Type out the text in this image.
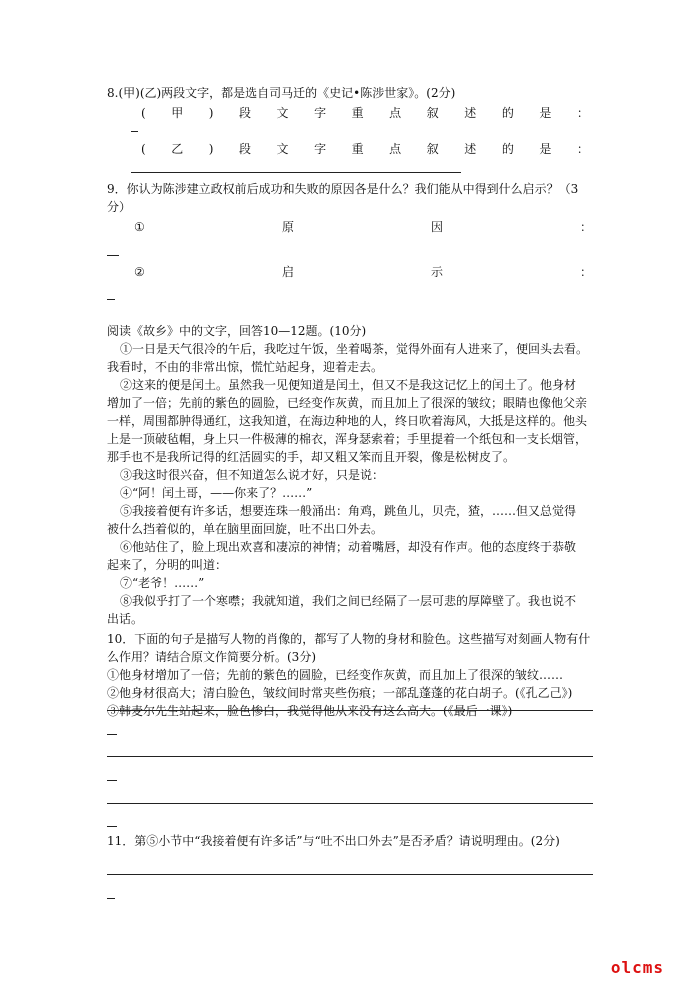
8.(甲)(乙)两段文字，都是选自司马迁的《史记•陈涉世家》。(2分)
( 甲 ) 段 文 字 重 点 叙 述 的 是 ：
( 乙 ) 段 文 字 重 点 叙 述 的 是 ：
9．你认为陈涉建立政权前后成功和失败的原因各是什么？我们能从中得到什么启示？（3
分）
①	原	因	：
②	启	示	：
阅读《故乡》中的文字，回答10—12题。(10分)
①一日是天气很冷的午后，我吃过午饭，坐着喝茶，觉得外面有人进来了，便回头去看。
我看时，不由的非常出惊，慌忙站起身，迎着走去。
②这来的便是闰土。虽然我一见便知道是闰土，但又不是我这记忆上的闰土了。他身材
增加了一倍；先前的紫色的圆脸，已经变作灰黄，而且加上了很深的皱纹；眼睛也像他父亲
一样，周围都肿得通红，这我知道，在海边种地的人，终日吹着海风，大抵是这样的。他头
上是一顶破毡帽，身上只一件极薄的棉衣，浑身瑟索着；手里提着一个纸包和一支长烟管，
那手也不是我所记得的红活圆实的手，却又粗又笨而且开裂，像是松树皮了。
③我这时很兴奋，但不知道怎么说才好，只是说：
④“阿！闰土哥，——你来了？……”
⑤我接着便有许多话，想要连珠一般涌出：角鸡，跳鱼儿，贝壳，猹，……但又总觉得
被什么挡着似的，单在脑里面回旋，吐不出口外去。
⑥他站住了，脸上现出欢喜和凄凉的神情；动着嘴唇，却没有作声。他的态度终于恭敬
起来了，分明的叫道：
⑦“老爷！……”
⑧我似乎打了一个寒噤；我就知道，我们之间已经隔了一层可悲的厚障壁了。我也说不
出话。
10．下面的句子是描写人物的肖像的，都写了人物的身材和脸色。这些描写对刻画人物有什
么作用？请结合原文作简要分析。(3分)
①他身材增加了一倍；先前的紫色的圆脸，已经变作灰黄，而且加上了很深的皱纹……
②他身材很高大；清白脸色，皱纹间时常夹些伤痕；一部乱蓬蓬的花白胡子。(《孔乙己》)
③韩麦尔先生站起来，脸色惨白，我觉得他从来没有这么高大。(《最后一课》)
11．第⑤小节中“我接着便有许多话”与“吐不出口外去”是否矛盾？请说明理由。(2分)
olcms
